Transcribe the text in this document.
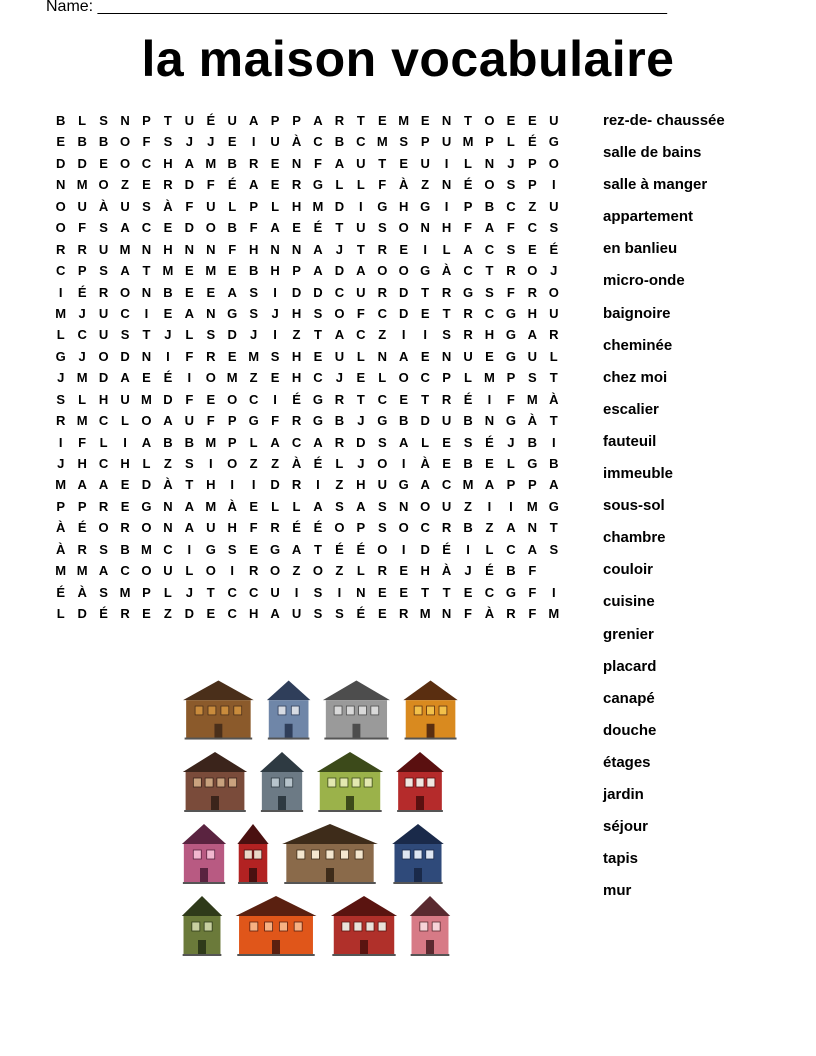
Name: ________________________________________________________________
la maison vocabulaire
B L	S N P	T U É U A P P A R T	E M E N T O E E U
E B B O F	S	J	J	E	I	U À C B C M S P U M P	L	É G
D D E O C H A M B R E N F A U T	E U	I	L N	J	P O
N M O Z	E R D F	É A E R G L	L	F À Z N É O S P	I
O U À U S À F U L	P	L H M D	I	G H G	I	P B C Z U
O F	S A C E D O B F A E É	T U S O N H F A F C S
R R U M N H N N F H N N A	J	T R E	I	L A C S E É
C P S A T M E M E B H P A D A O O G À C T R O J
I	É R O N B E E A S	I	D D C U R D T R G S	F R O
M J	U C	I	E A N G S	J	H S O F C D E	T R C G H U
L C U S	T	J	L	S D	J	I	Z	T A C Z	I	I	S R H G A R
G J O D N	I	F R E M S H E U L N A E N U E G U L
J M D A E É	I	O M Z	E H C	J	E	L O C P	L M P S	T
S	L H U M D F	E O C	I	É G R T C E	T R É	I	F M À
R M C L O A U F	P G F R G B	J G B D U B N G À T
I	F	L	I	A B B M P	L A C A R D S A L	E S É	J	B	I
J	H C H L	Z	S	I	O Z	Z À É	L	J O	I	À E B E	L G B
M A A E D À T H	I	I	D R	I	Z H U G A C M A P P A
P P R E G N A M À E	L	L A S A S N O U Z	I	I	M G
À É O R O N A U H F R É É O P S O C R B Z A N T
À R S B M C	I	G S E G A T	É É O	I	D É	I	L C A S
M M A C O U L O	I	R O Z O Z	L R E H À	J	É B F
É À S M P	L	J	T C C U	I	S	I	N E E	T	T	E C G F	I
L D É R E	Z D E C H A U S S É E R M N F À R F M
rez-de- chaussée
salle de bains
salle à manger
appartement
en banlieu
micro-onde
baignoire
cheminée
chez moi
escalier
fauteuil
immeuble
sous-sol
chambre
couloir
cuisine
grenier
placard
canapé
douche
étages
jardin
séjour
tapis
mur
